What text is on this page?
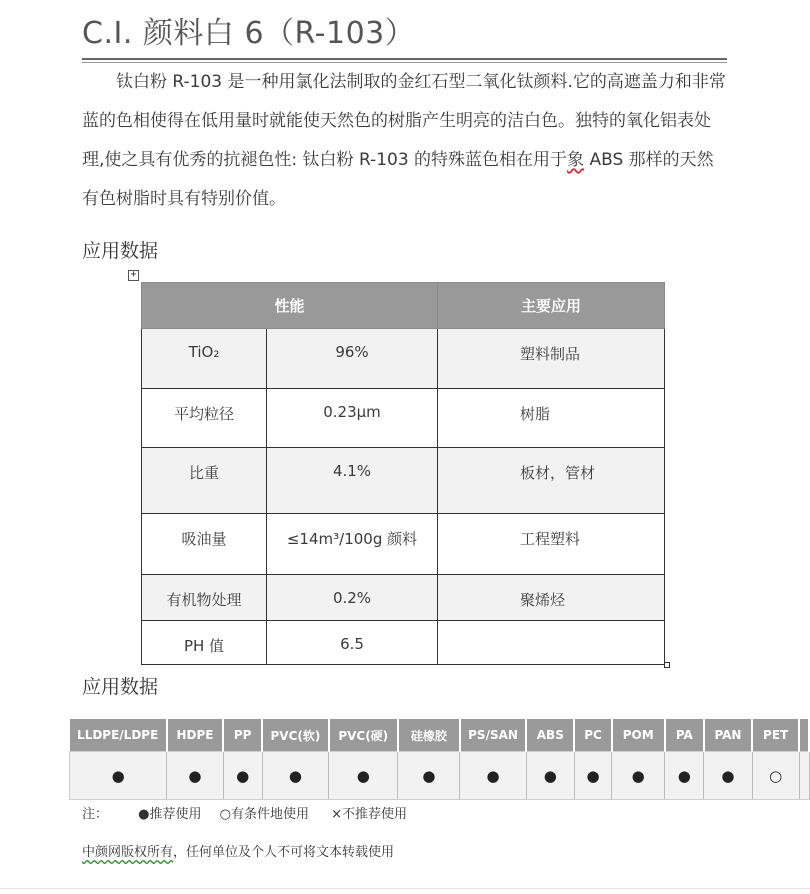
C.I. 颜料白 6（R-103）
钛白粉 R-103 是一种用氯化法制取的金红石型二氧化钛颜料.它的高遮盖力和非常蓝的色相使得在低用量时就能使天然色的树脂产生明亮的洁白色。独特的氧化铝表处理,使之具有优秀的抗褪色性: 钛白粉 R-103 的特殊蓝色相在用于象 ABS 那样的天然有色树脂时具有特别价值。
应用数据
+
性能		主要应用
TiO₂	96%	塑料制品
平均粒径	0.23μm	树脂
比重	4.1%	板材，管材
吸油量	≤14m³/100g 颜料	工程塑料
有机物处理	0.2%	聚烯烃
PH 值	6.5	
应用数据
LLDPE/LDPE	HDPE	PP	PVC(软)	PVC(硬)	硅橡胶	PS/SAN	ABS	PC	POM	PA	PAN	PET	
●	●	●	●	●	●	●	●	●	●	●	●	○	
注： ●推荐使用 ○有条件地使用 ×不推荐使用
中颜网版权所有，任何单位及个人不可将文本转载使用
